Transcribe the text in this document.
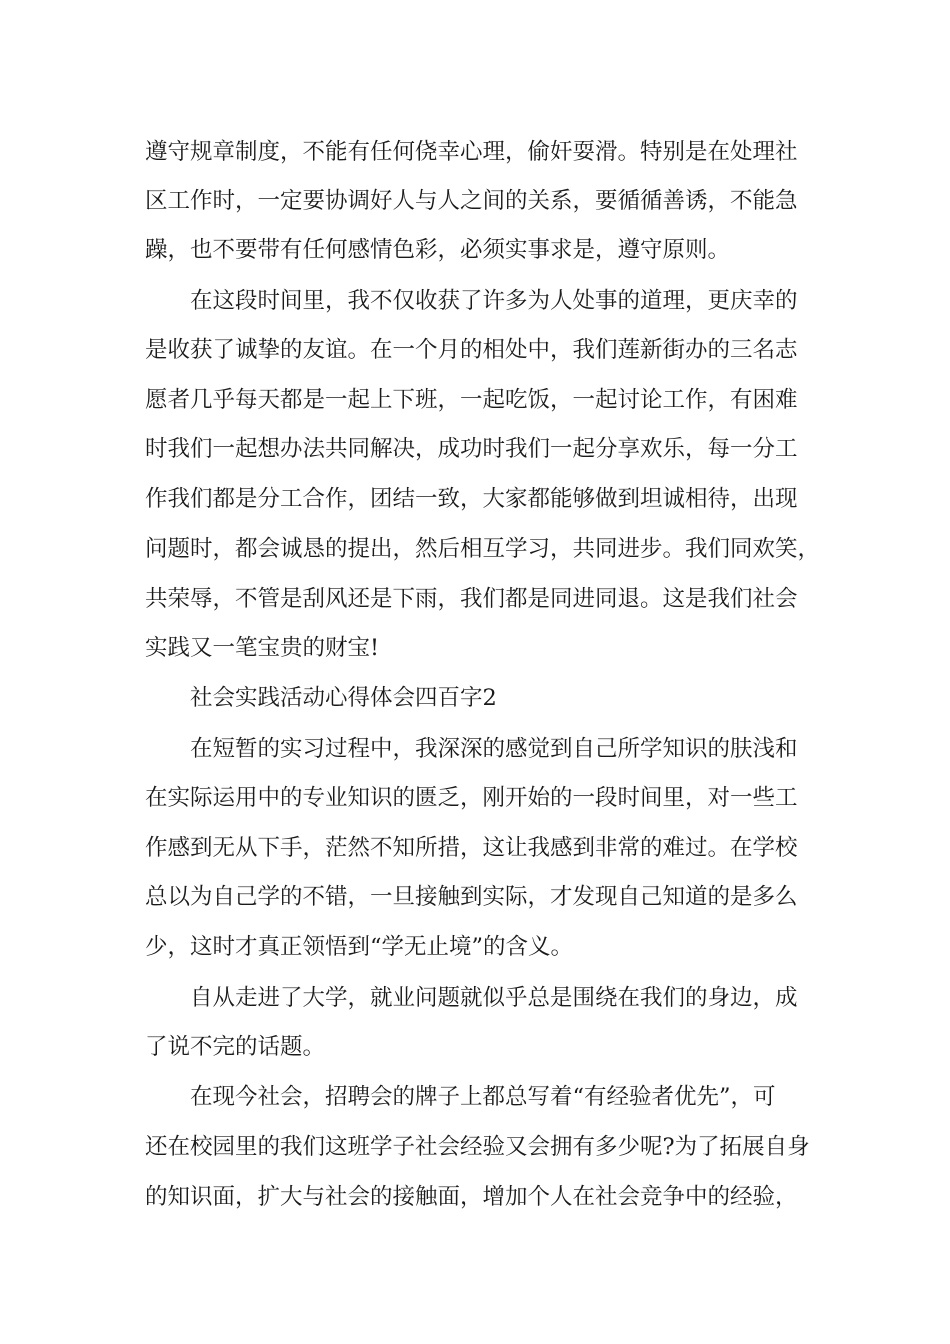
遵守规章制度，不能有任何侥幸心理，偷奸耍滑。特别是在处理社
区工作时，一定要协调好人与人之间的关系，要循循善诱，不能急
躁，也不要带有任何感情色彩，必须实事求是，遵守原则。
在这段时间里，我不仅收获了许多为人处事的道理，更庆幸的
是收获了诚挚的友谊。在一个月的相处中，我们莲新街办的三名志
愿者几乎每天都是一起上下班，一起吃饭，一起讨论工作，有困难
时我们一起想办法共同解决，成功时我们一起分享欢乐，每一分工
作我们都是分工合作，团结一致，大家都能够做到坦诚相待，出现
问题时，都会诚恳的提出，然后相互学习，共同进步。我们同欢笑，
共荣辱，不管是刮风还是下雨，我们都是同进同退。这是我们社会
实践又一笔宝贵的财宝!
社会实践活动心得体会四百字2
在短暂的实习过程中，我深深的感觉到自己所学知识的肤浅和
在实际运用中的专业知识的匮乏，刚开始的一段时间里，对一些工
作感到无从下手，茫然不知所措，这让我感到非常的难过。在学校
总以为自己学的不错，一旦接触到实际，才发现自己知道的是多么
少，这时才真正领悟到“学无止境”的含义。
自从走进了大学，就业问题就似乎总是围绕在我们的身边，成
了说不完的话题。
在现今社会，招聘会的牌子上都总写着“有经验者优先”，可
还在校园里的我们这班学子社会经验又会拥有多少呢?为了拓展自身
的知识面，扩大与社会的接触面，增加个人在社会竞争中的经验，
